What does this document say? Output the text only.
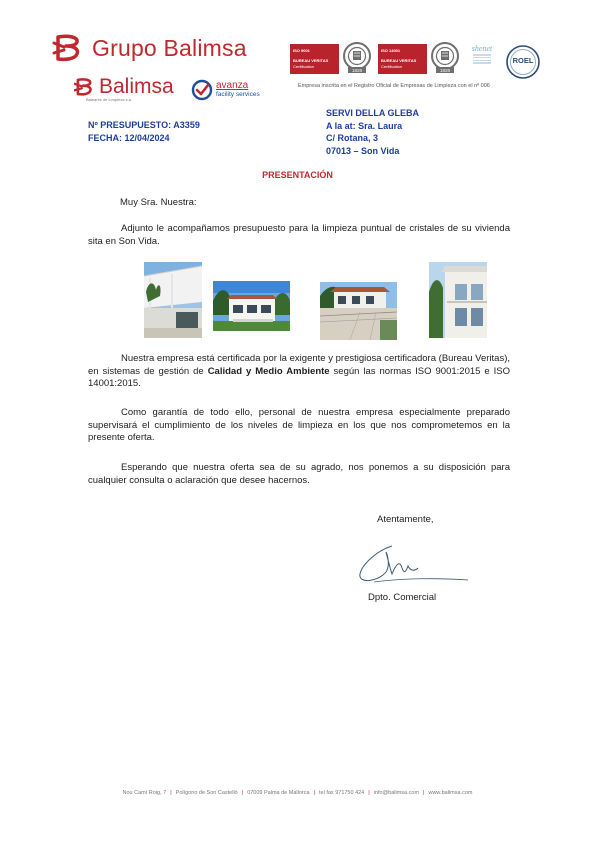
Grupo Balimsa
Balimsa
Baleares de Limpieza s.a.
avanza
facility services
ISO 9001
BUREAU VERITAS
Certification
1828
ISO 14001
BUREAU VERITAS
Certification
1828
shenet
ROEL
Empresa inscrita en el Registro Oficial de Empresas de Limpieza con el nº 006
Nº PRESUPUESTO: A3359
FECHA: 12/04/2024
SERVI DELLA GLEBA
A la at: Sra. Laura
C/ Rotana, 3
07013 – Son Vida
PRESENTACIÓN
Muy Sra. Nuestra:
Adjunto le acompañamos presupuesto para la limpieza puntual de cristales de su vivienda sita en Son Vida.
Nuestra empresa está certificada por la exigente y prestigiosa certificadora (Bureau Veritas), en sistemas de gestión de Calidad y Medio Ambiente según las normas ISO 9001:2015 e ISO 14001:2015.
Como garantía de todo ello, personal de nuestra empresa especialmente preparado supervisará el cumplimiento de los niveles de limpieza en los que nos comprometemos en la presente oferta.
Esperando que nuestra oferta sea de su agrado, nos ponemos a su disposición para cualquier consulta o aclaración que desee hacernos.
Atentamente,
Dpto. Comercial
Nou Camí Roig, 7 | Polígono de Son Castelló | 07009 Palma de Mallorca | tel fax 971750 424 | info@balimsa.com | www.balimsa.com
